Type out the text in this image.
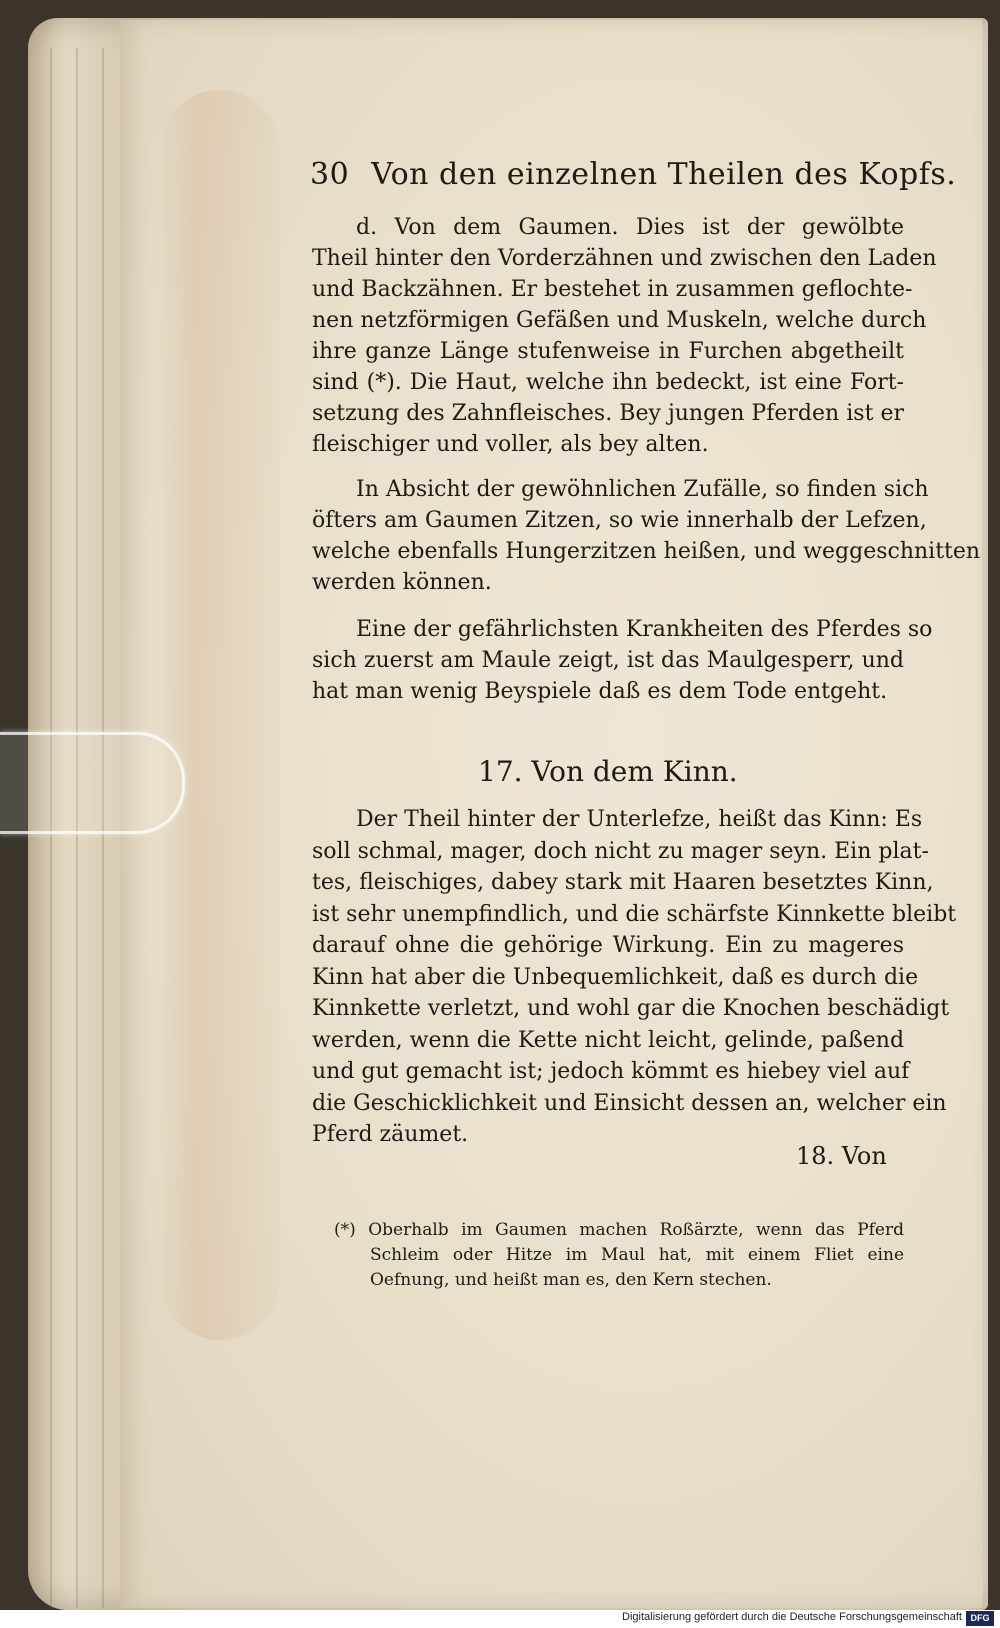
30 Von den einzelnen Theilen des Kopfs.
d. Von dem Gaumen. Dies ist der gewölbte
Theil hinter den Vorderzähnen und zwischen den Laden
und Backzähnen. Er bestehet in zusammen geflochte-
nen netzförmigen Gefäßen und Muskeln, welche durch
ihre ganze Länge stufenweise in Furchen abgetheilt
sind (*). Die Haut, welche ihn bedeckt, ist eine Fort-
setzung des Zahnfleisches. Bey jungen Pferden ist er
fleischiger und voller, als bey alten.
In Absicht der gewöhnlichen Zufälle, so finden sich
öfters am Gaumen Zitzen, so wie innerhalb der Lefzen,
welche ebenfalls Hungerzitzen heißen, und weggeschnitten
werden können.
Eine der gefährlichsten Krankheiten des Pferdes so
sich zuerst am Maule zeigt, ist das Maulgesperr, und
hat man wenig Beyspiele daß es dem Tode entgeht.
17. Von dem Kinn.
Der Theil hinter der Unterlefze, heißt das Kinn: Es
soll schmal, mager, doch nicht zu mager seyn. Ein plat-
tes, fleischiges, dabey stark mit Haaren besetztes Kinn,
ist sehr unempfindlich, und die schärfste Kinnkette bleibt
darauf ohne die gehörige Wirkung. Ein zu mageres
Kinn hat aber die Unbequemlichkeit, daß es durch die
Kinnkette verletzt, und wohl gar die Knochen beschädigt
werden, wenn die Kette nicht leicht, gelinde, paßend
und gut gemacht ist; jedoch kömmt es hiebey viel auf
die Geschicklichkeit und Einsicht dessen an, welcher ein
Pferd zäumet.
18. Von
(*) Oberhalb im Gaumen machen Roßärzte, wenn das Pferd
Schleim oder Hitze im Maul hat, mit einem Fliet eine
Oefnung, und heißt man es, den Kern stechen.
Digitalisierung gefördert durch die Deutsche Forschungsgemeinschaft DFG
